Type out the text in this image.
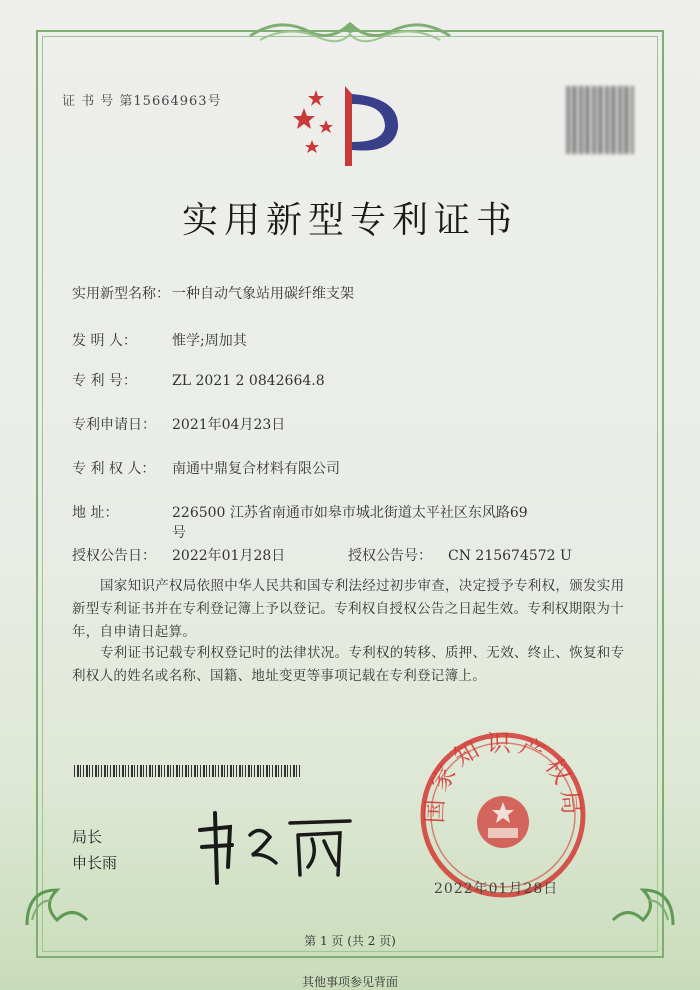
证 书 号 第15664963号
实用新型专利证书
实用新型名称： 一种自动气象站用碳纤维支架
发 明 人：	惟学;周加其
专 利 号：	ZL 2021 2 0842664.8
专利申请日： 2021年04月23日
专 利 权 人： 南通中鼎复合材料有限公司
地 址：	226500 江苏省南通市如皋市城北街道太平社区东风路69
号
授权公告日： 2022年01月28日	授权公告号： CN 215674572 U
国家知识产权局依照中华人民共和国专利法经过初步审查，决定授予专利权，颁发实用新型专利证书并在专利登记簿上予以登记。专利权自授权公告之日起生效。专利权期限为十年，自申请日起算。
专利证书记载专利权登记时的法律状况。专利权的转移、质押、无效、终止、恢复和专利权人的姓名或名称、国籍、地址变更等事项记载在专利登记簿上。
局长
申长雨
国家知识产权局
2022年01月28日
第 1 页 (共 2 页)
其他事项参见背面
